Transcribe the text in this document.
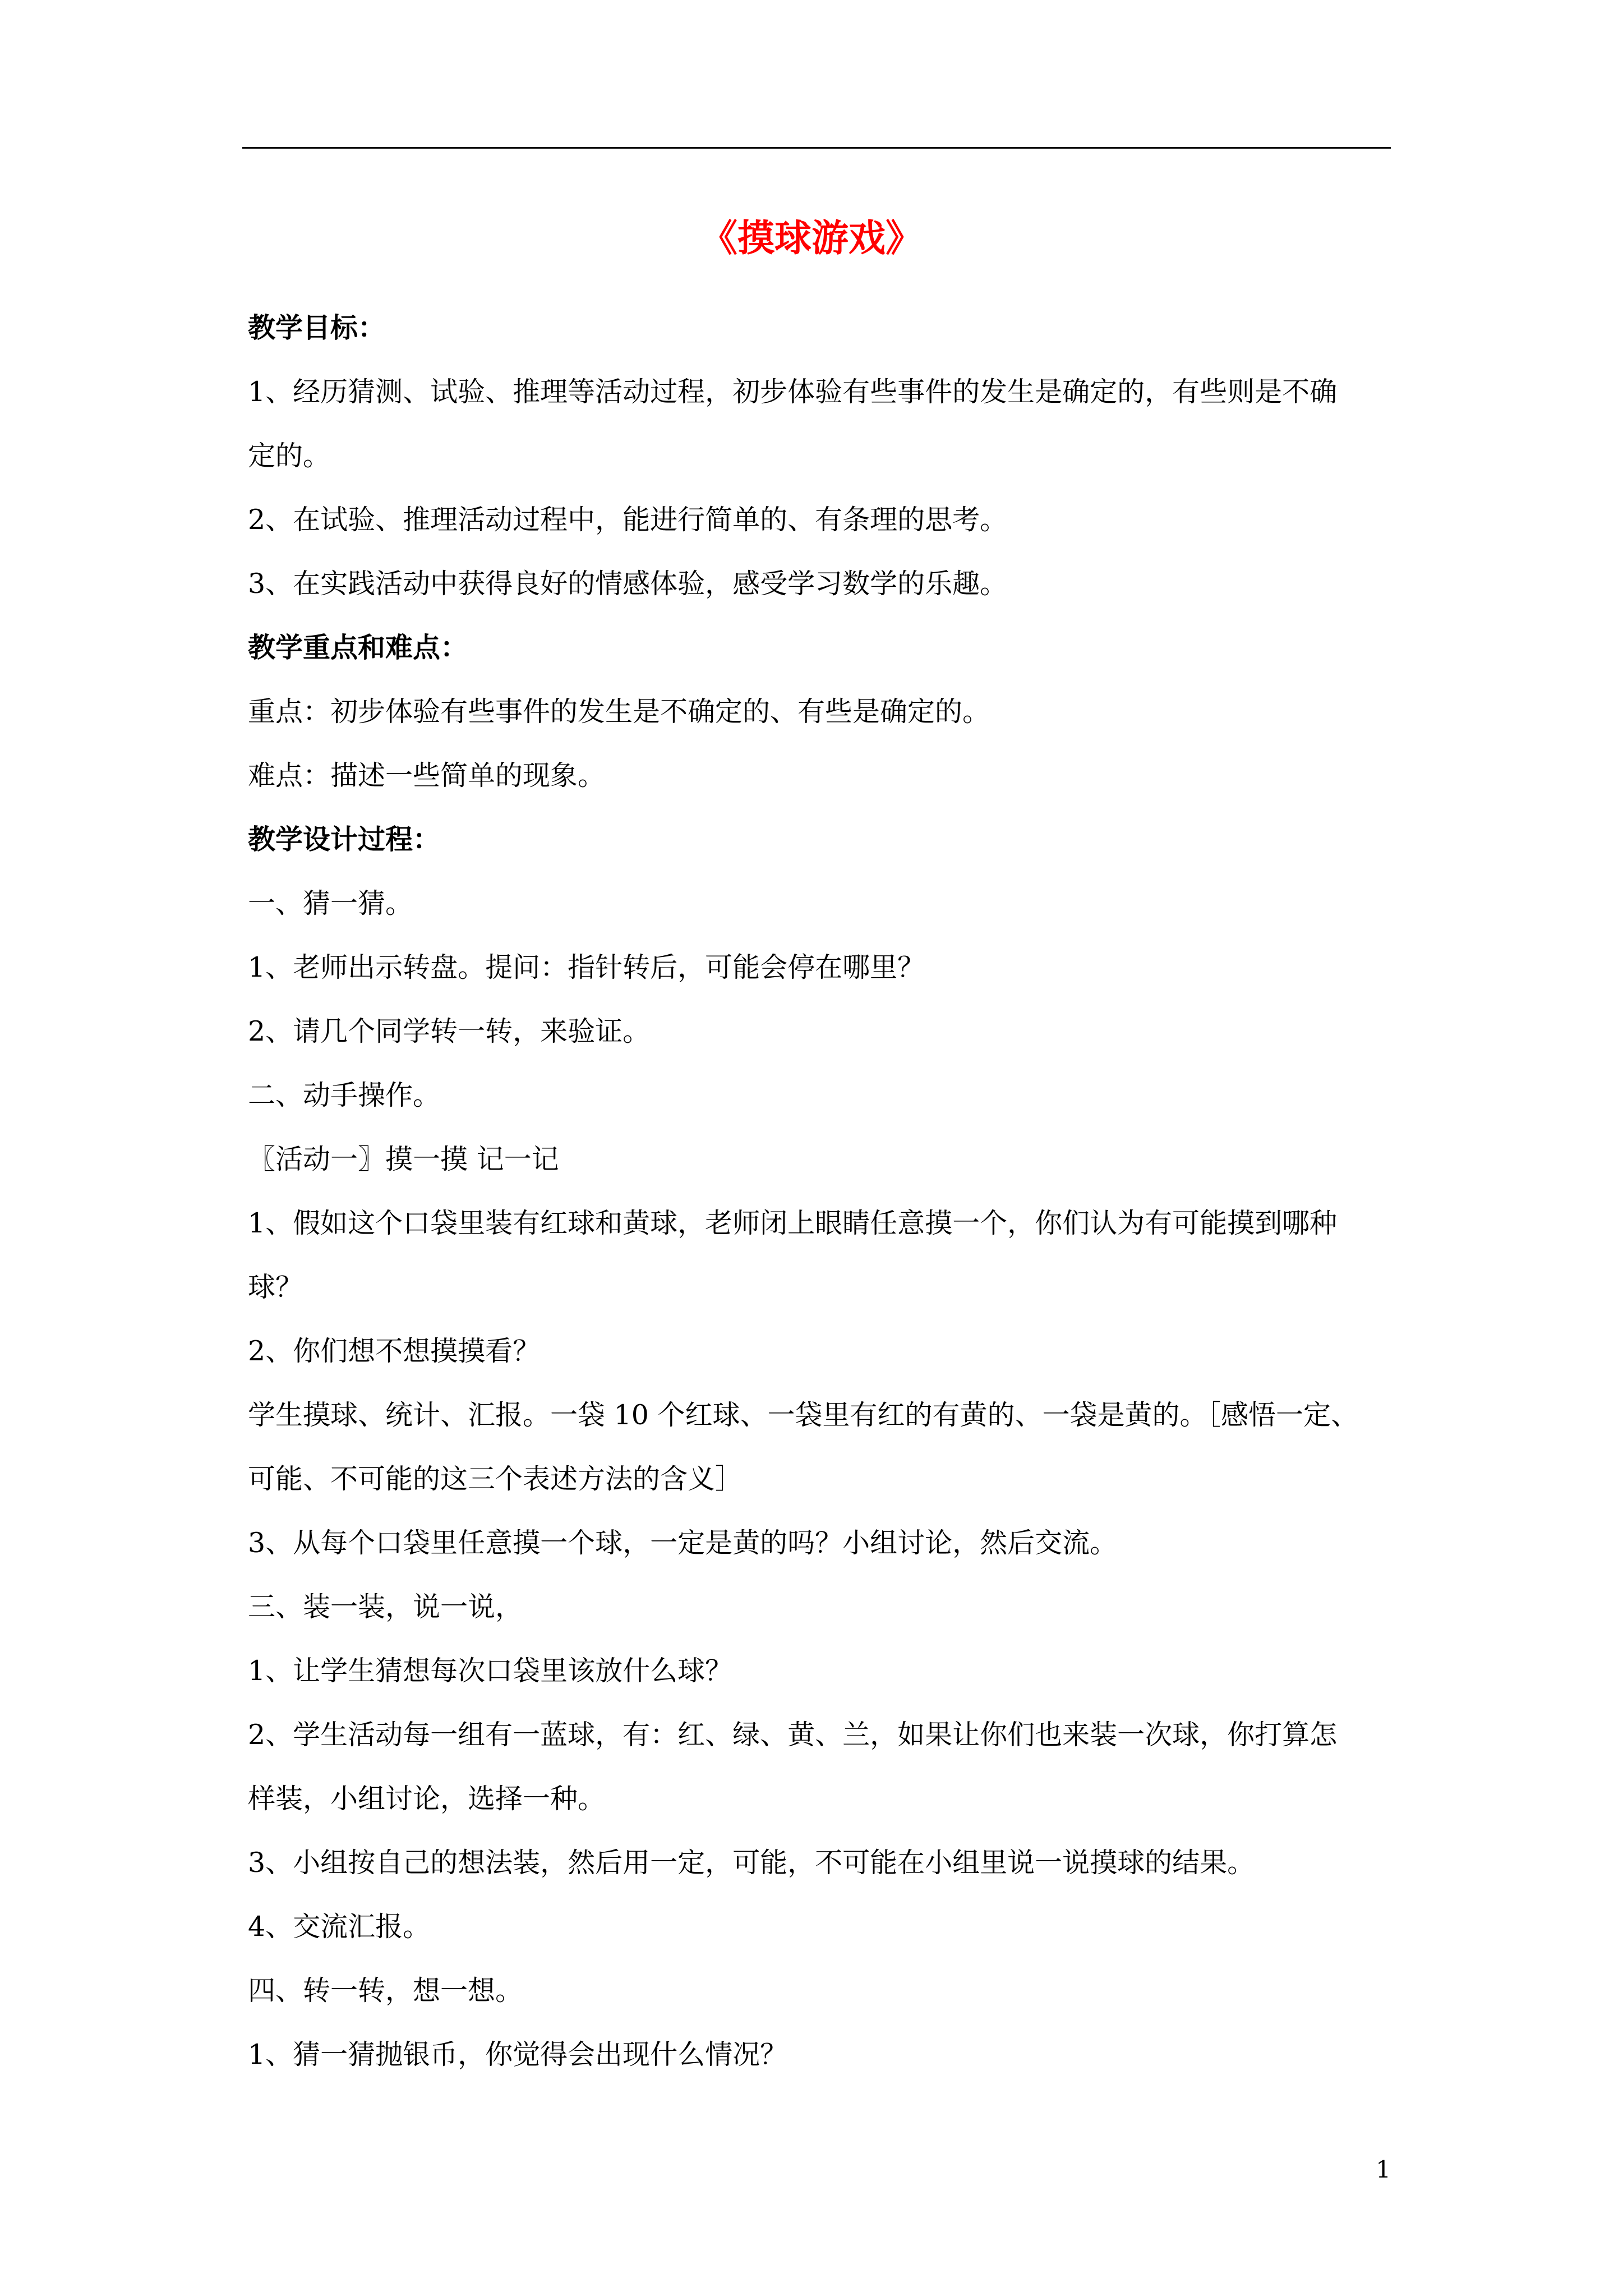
《摸球游戏》

教学目标：

1、经历猜测、试验、推理等活动过程，初步体验有些事件的发生是确定的，有些则是不确

定的。

2、在试验、推理活动过程中，能进行简单的、有条理的思考。

3、在实践活动中获得良好的情感体验，感受学习数学的乐趣。

教学重点和难点：

重点：初步体验有些事件的发生是不确定的、有些是确定的。

难点：描述一些简单的现象。

教学设计过程：

一、猜一猜。

1、老师出示转盘。提问：指针转后，可能会停在哪里？

2、请几个同学转一转，来验证。

二、动手操作。

〖活动一〗摸一摸 记一记

1、假如这个口袋里装有红球和黄球，老师闭上眼睛任意摸一个，你们认为有可能摸到哪种

球？

2、你们想不想摸摸看？

学生摸球、统计、汇报。一袋 10 个红球、一袋里有红的有黄的、一袋是黄的。［感悟一定、

可能、不可能的这三个表述方法的含义］

3、从每个口袋里任意摸一个球，一定是黄的吗？小组讨论，然后交流。

三、装一装，说一说，

1、让学生猜想每次口袋里该放什么球？

2、学生活动每一组有一蓝球，有：红、绿、黄、兰，如果让你们也来装一次球，你打算怎

样装，小组讨论，选择一种。

3、小组按自己的想法装，然后用一定，可能，不可能在小组里说一说摸球的结果。

4、交流汇报。

四、转一转，想一想。

1、猜一猜抛银币，你觉得会出现什么情况？

1
